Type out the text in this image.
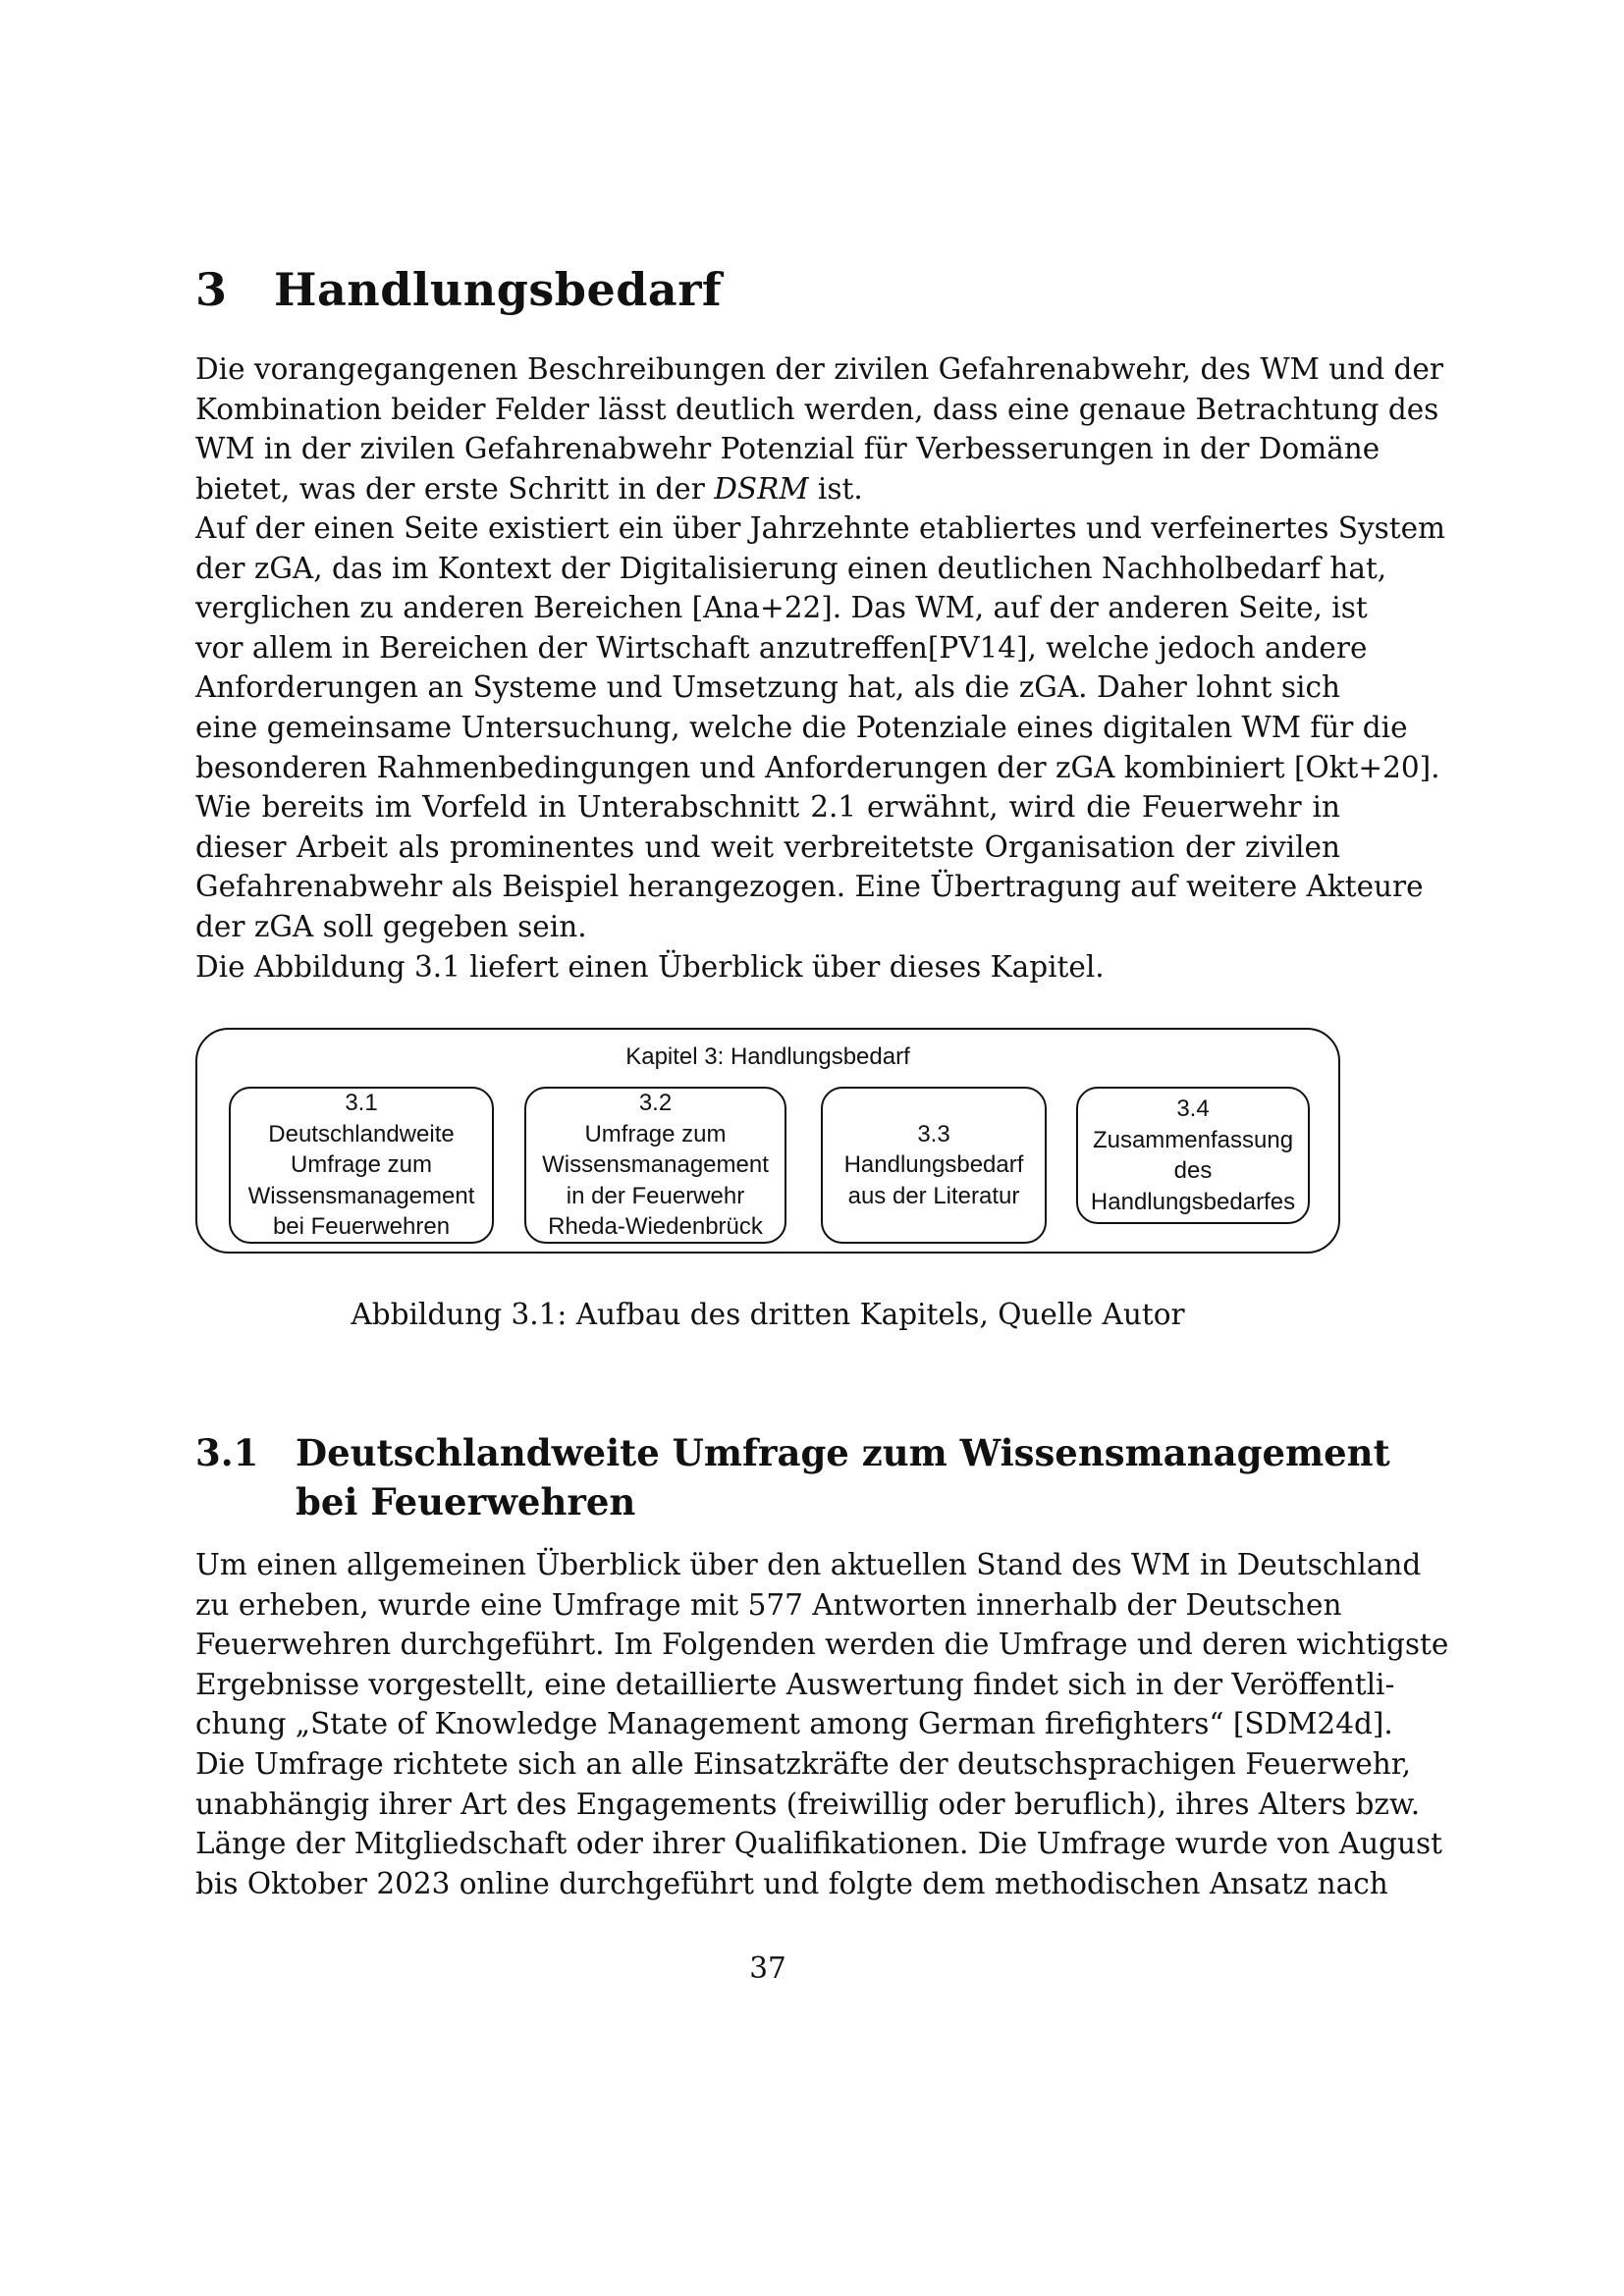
3 Handlungsbedarf
Die vorangegangenen Beschreibungen der zivilen Gefahrenabwehr, des WM und der
Kombination beider Felder lässt deutlich werden, dass eine genaue Betrachtung des
WM in der zivilen Gefahrenabwehr Potenzial für Verbesserungen in der Domäne
bietet, was der erste Schritt in der DSRM ist.
Auf der einen Seite existiert ein über Jahrzehnte etabliertes und verfeinertes System
der zGA, das im Kontext der Digitalisierung einen deutlichen Nachholbedarf hat,
verglichen zu anderen Bereichen [Ana+22]. Das WM, auf der anderen Seite, ist
vor allem in Bereichen der Wirtschaft anzutreffen[PV14], welche jedoch andere
Anforderungen an Systeme und Umsetzung hat, als die zGA. Daher lohnt sich
eine gemeinsame Untersuchung, welche die Potenziale eines digitalen WM für die
besonderen Rahmenbedingungen und Anforderungen der zGA kombiniert [Okt+20].
Wie bereits im Vorfeld in Unterabschnitt 2.1 erwähnt, wird die Feuerwehr in
dieser Arbeit als prominentes und weit verbreitetste Organisation der zivilen
Gefahrenabwehr als Beispiel herangezogen. Eine Übertragung auf weitere Akteure
der zGA soll gegeben sein.
Die Abbildung 3.1 liefert einen Überblick über dieses Kapitel.
Kapitel 3: Handlungsbedarf
3.1
Deutschlandweite
Umfrage zum
Wissensmanagement
bei Feuerwehren
3.2
Umfrage zum
Wissensmanagement
in der Feuerwehr
Rheda-Wiedenbrück
3.3
Handlungsbedarf
aus der Literatur
3.4
Zusammenfassung
des
Handlungsbedarfes
Abbildung 3.1: Aufbau des dritten Kapitels, Quelle Autor
3.1 Deutschlandweite Umfrage zum Wissensmanagement
bei Feuerwehren
Um einen allgemeinen Überblick über den aktuellen Stand des WM in Deutschland
zu erheben, wurde eine Umfrage mit 577 Antworten innerhalb der Deutschen
Feuerwehren durchgeführt. Im Folgenden werden die Umfrage und deren wichtigste
Ergebnisse vorgestellt, eine detaillierte Auswertung findet sich in der Veröffentli-
chung „State of Knowledge Management among German firefighters“ [SDM24d].
Die Umfrage richtete sich an alle Einsatzkräfte der deutschsprachigen Feuerwehr,
unabhängig ihrer Art des Engagements (freiwillig oder beruflich), ihres Alters bzw.
Länge der Mitgliedschaft oder ihrer Qualifikationen. Die Umfrage wurde von August
bis Oktober 2023 online durchgeführt und folgte dem methodischen Ansatz nach
37
